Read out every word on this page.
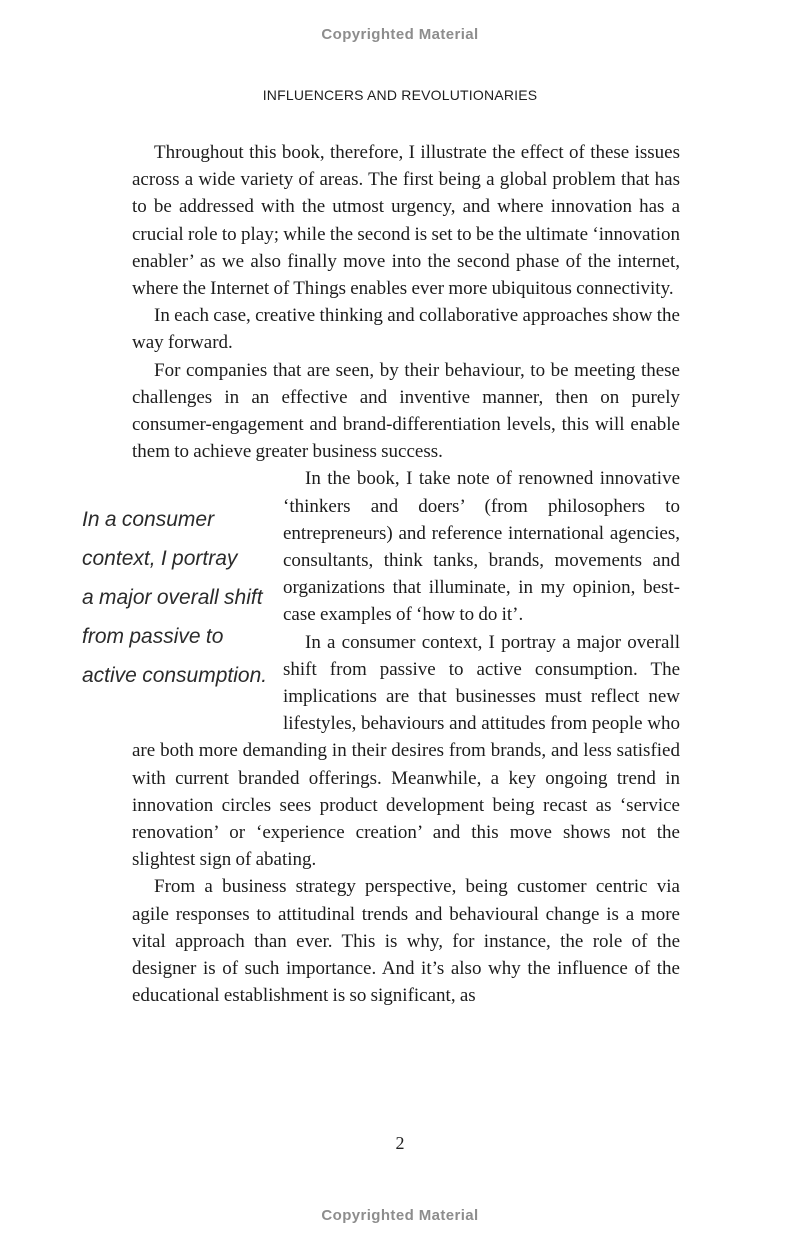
Copyrighted Material
INFLUENCERS AND REVOLUTIONARIES

Throughout this book, therefore, I illustrate the effect of these issues across a wide variety of areas. The first being a global problem that has to be addressed with the utmost urgency, and where innovation has a crucial role to play; while the second is set to be the ultimate ‘innovation enabler’ as we also finally move into the second phase of the internet, where the Internet of Things enables ever more ubiquitous connectivity.

In each case, creative thinking and collaborative approaches show the way forward.

For companies that are seen, by their behaviour, to be meeting these challenges in an effective and inventive manner, then on purely consumer-engagement and brand-differentiation levels, this will enable them to achieve greater business success.

In a consumer
context, I portray
a major overall shift
from passive to
active consumption.

In the book, I take note of renowned innovative ‘thinkers and doers’ (from philosophers to entrepreneurs) and reference international agencies, consultants, think tanks, brands, movements and organizations that illuminate, in my opinion, best-case examples of ‘how to do it’.

In a consumer context, I portray a major overall shift from passive to active consumption. The implications are that businesses must reflect new lifestyles, behaviours and attitudes from people who are both more demanding in their desires from brands, and less satisfied with current branded offerings. Meanwhile, a key ongoing trend in innovation circles sees product development being recast as ‘service renovation’ or ‘experience creation’ and this move shows not the slightest sign of abating.

From a business strategy perspective, being customer centric via agile responses to attitudinal trends and behavioural change is a more vital approach than ever. This is why, for instance, the role of the designer is of such importance. And it’s also why the influence of the educational establishment is so significant, as

2
Copyrighted Material
